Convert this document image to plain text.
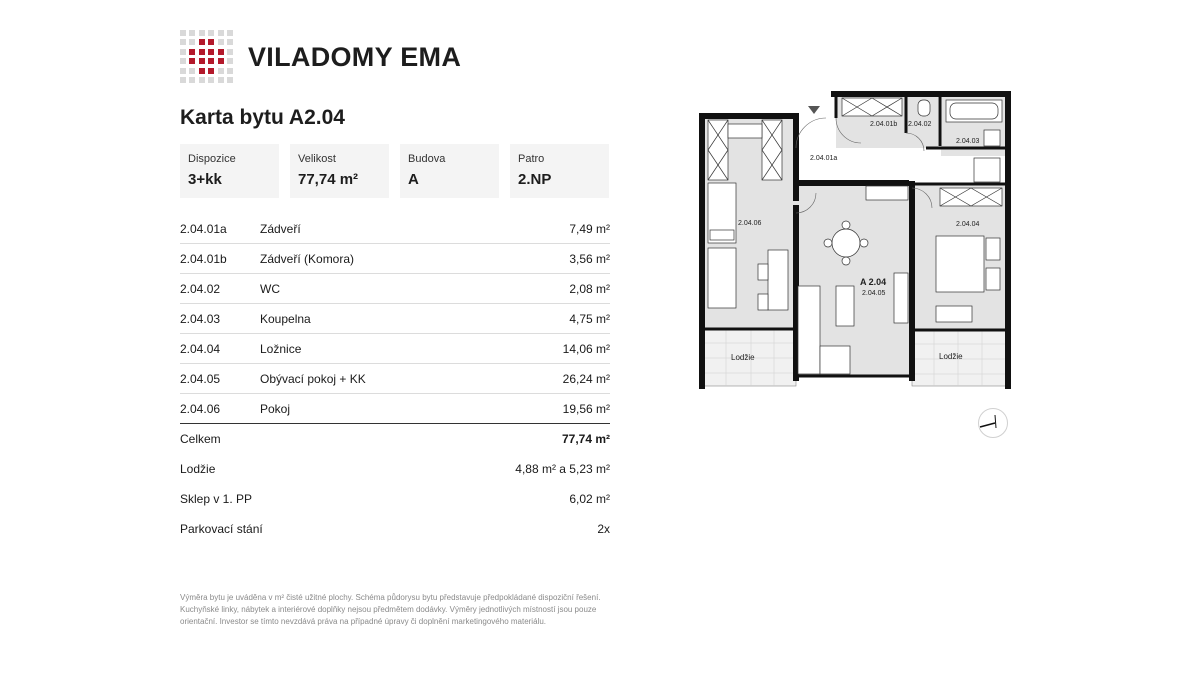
VILADOMY EMA
Karta bytu A2.04
Dispozice
3+kk
Velikost
77,74 m²
Budova
A
Patro
2.NP
2.04.01a	Zádveří	7,49 m²
2.04.01b	Zádveří (Komora)	3,56 m²
2.04.02	WC	2,08 m²
2.04.03	Koupelna	4,75 m²
2.04.04	Ložnice	14,06 m²
2.04.05	Obývací pokoj + KK	26,24 m²
2.04.06	Pokoj	19,56 m²
Celkem	77,74 m²
Lodžie	4,88 m² a 5,23 m²
Sklep v 1. PP	6,02 m²
Parkovací stání	2x

Výměra bytu je uváděna v m² čisté užitné plochy. Schéma půdorysu bytu představuje předpokládané dispoziční řešení. Kuchyňské linky, nábytek a interiérové doplňky nejsou předmětem dodávky. Výměry jednotlivých místností jsou pouze orientační. Investor se tímto nevzdává práva na případné úpravy či doplnění marketingového materiálu.

2.04.01a
2.04.01b 2.04.02
2.04.03
2.04.04
2.04.05
2.04.06
A 2.04
Lodžie	Lodžie
